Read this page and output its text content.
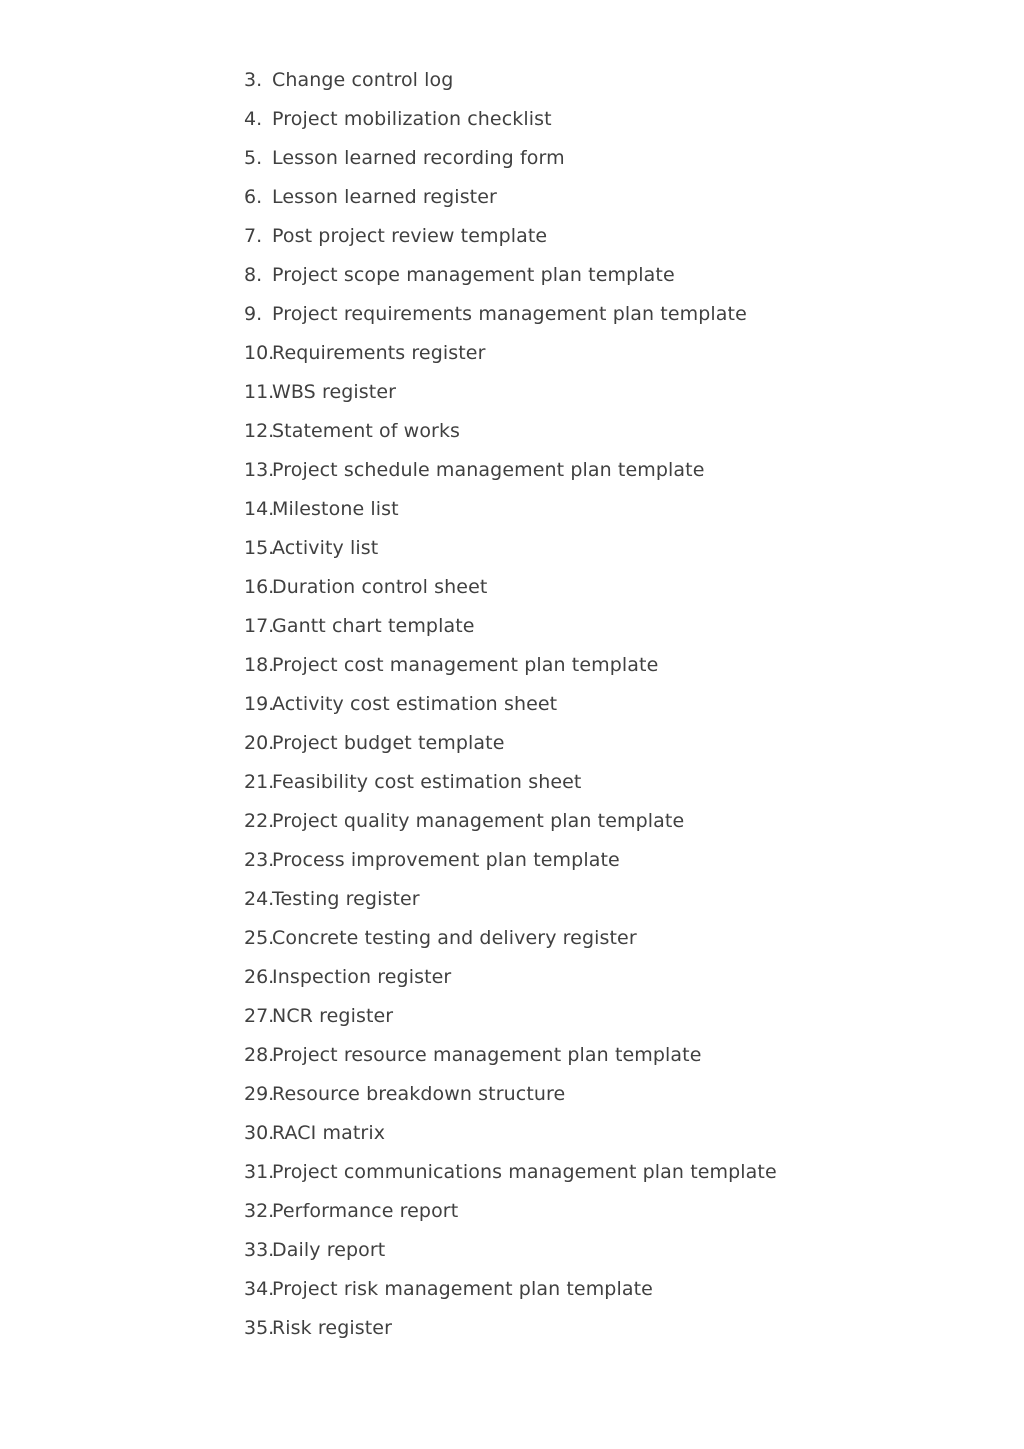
3. Change control log
4. Project mobilization checklist
5. Lesson learned recording form
6. Lesson learned register
7. Post project review template
8. Project scope management plan template
9. Project requirements management plan template
10.
Requirements register
11.
WBS register
12.
Statement of works
13.
Project schedule management plan template
14.
Milestone list
15.
Activity list
16.
Duration control sheet
17.
Gantt chart template
18.
Project cost management plan template
19.
Activity cost estimation sheet
20.
Project budget template
21.
Feasibility cost estimation sheet
22.
Project quality management plan template
23.
Process improvement plan template
24.
Testing register
25.
Concrete testing and delivery register
26.
Inspection register
27.
NCR register
28.
Project resource management plan template
29.
Resource breakdown structure
30.
RACI matrix
31.
Project communications management plan template
32.
Performance report
33.
Daily report
34.
Project risk management plan template
35.
Risk register
